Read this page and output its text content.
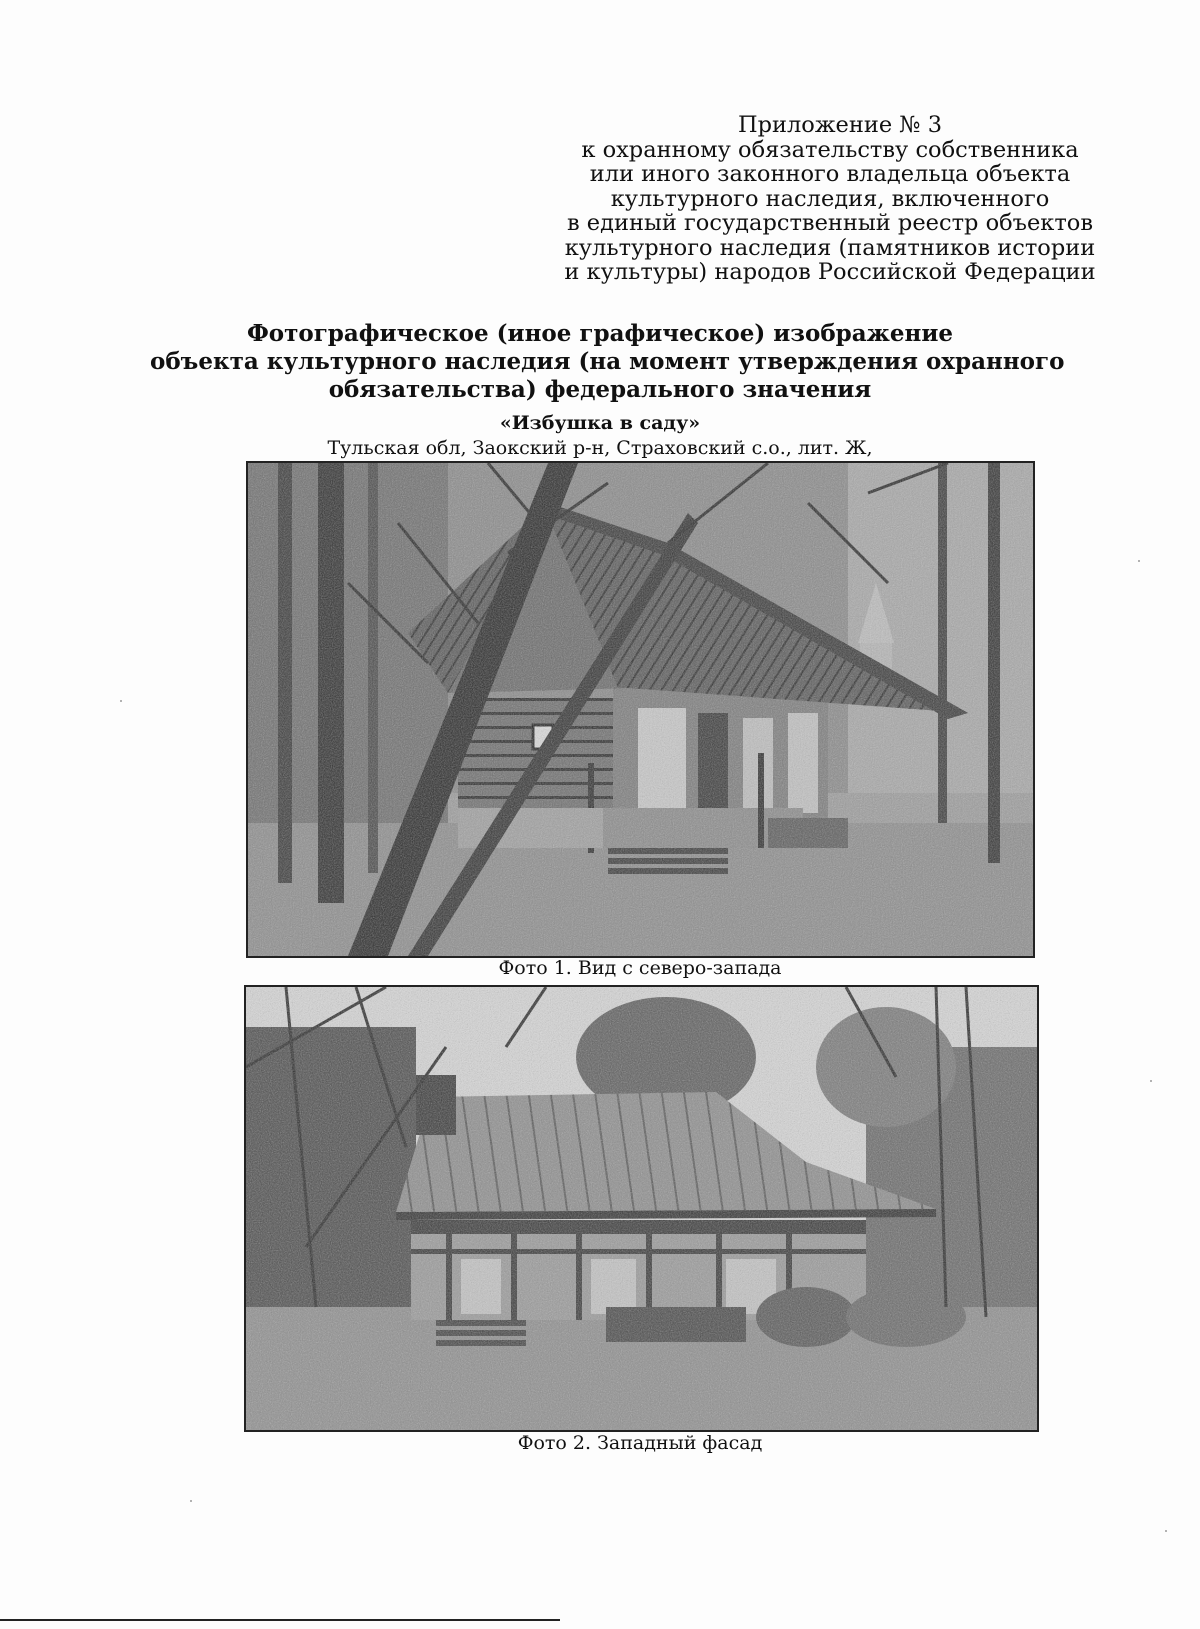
Приложение № 3
к охранному обязательству собственника
или иного законного владельца объекта
культурного наследия, включенного
в единый государственный реестр объектов
культурного наследия (памятников истории
и культуры) народов Российской Федерации
Фотографическое (иное графическое) изображение
объекта культурного наследия (на момент утверждения охранного
обязательства) федерального значения
«Избушка в саду»
Тульская обл, Заокский р-н, Страховский с.о., лит. Ж,
Фото 1. Вид с северо-запада
Фото 2. Западный фасад
